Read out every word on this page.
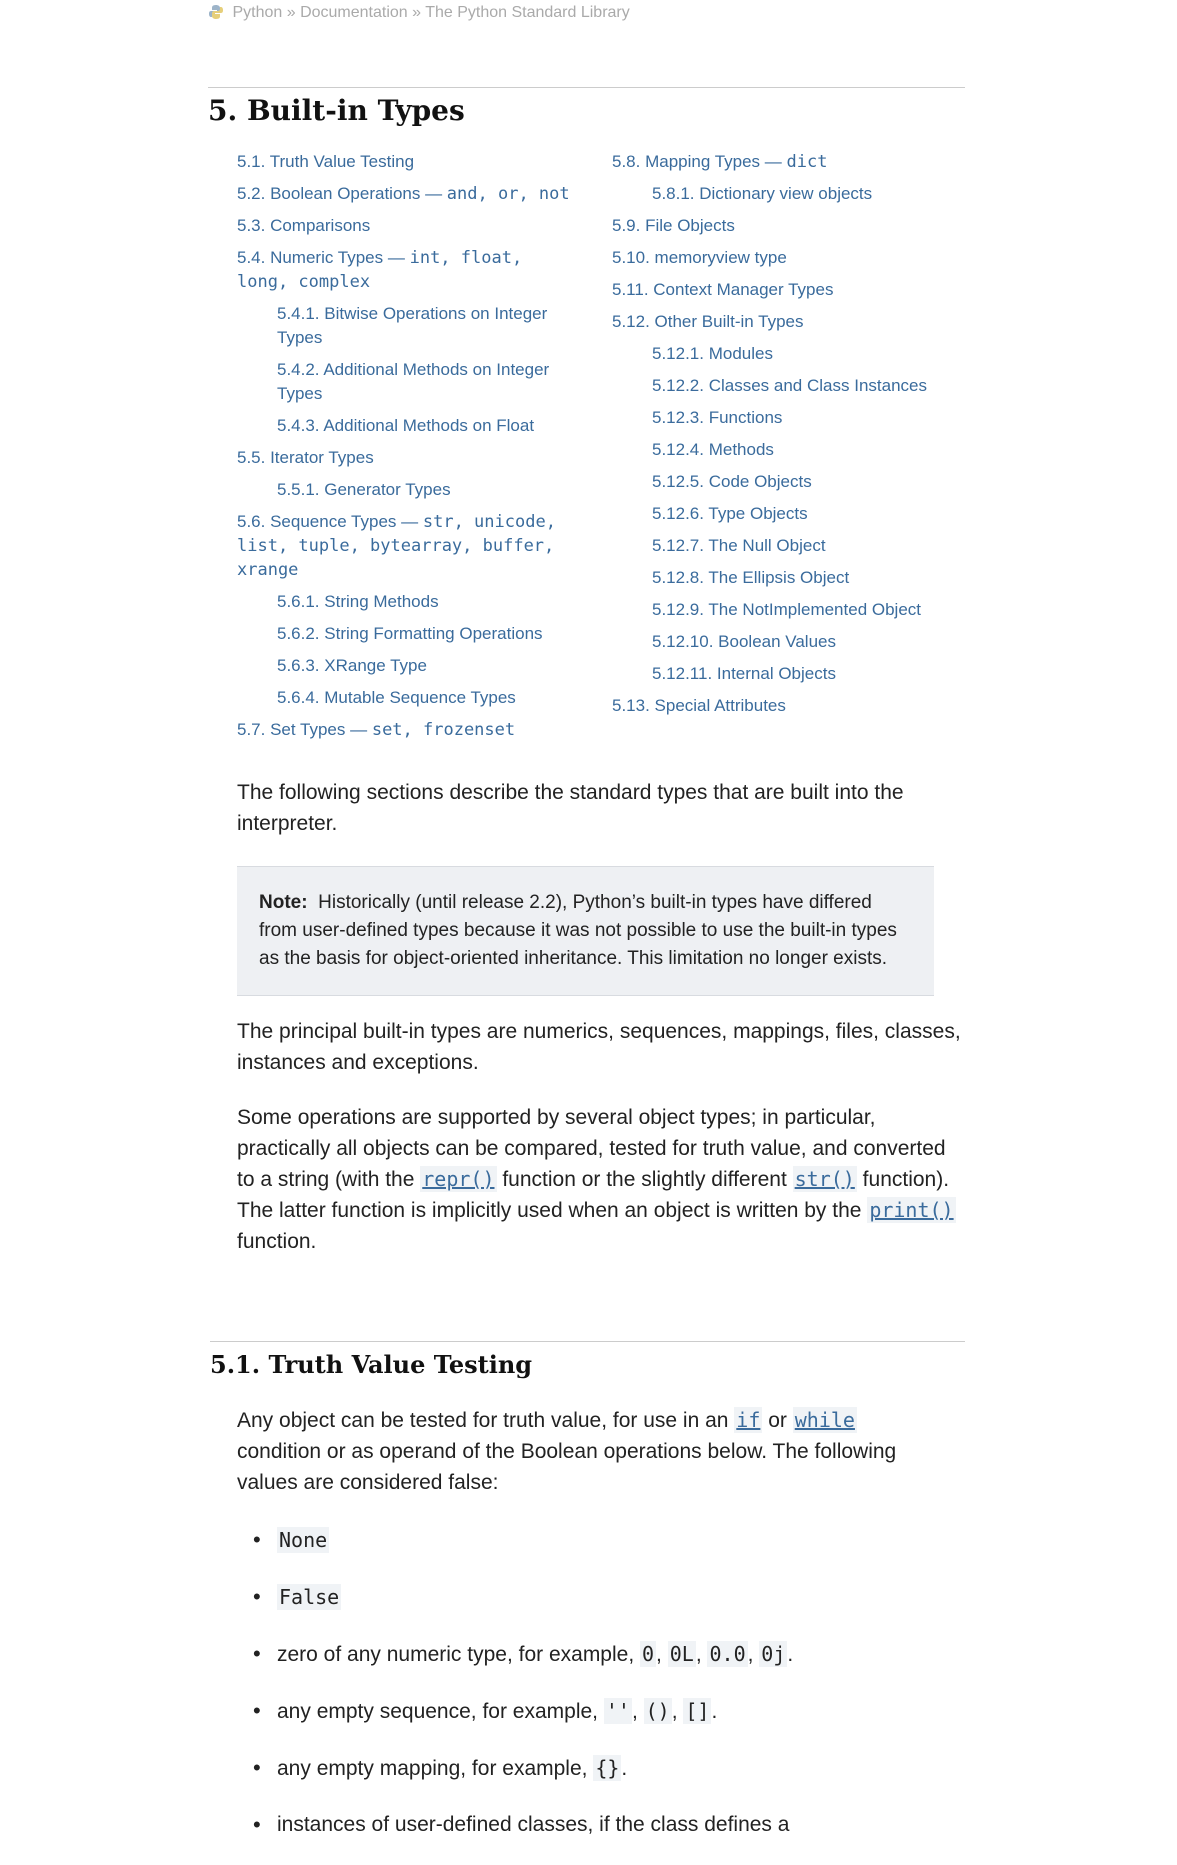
Python » Documentation » The Python Standard Library
5. Built-in Types
5.1. Truth Value Testing
5.2. Boolean Operations — and, or, not
5.3. Comparisons
5.4. Numeric Types — int, float, long, complex
5.4.1. Bitwise Operations on Integer Types
5.4.2. Additional Methods on Integer Types
5.4.3. Additional Methods on Float
5.5. Iterator Types
5.5.1. Generator Types
5.6. Sequence Types — str, unicode, list, tuple, bytearray, buffer, xrange
5.6.1. String Methods
5.6.2. String Formatting Operations
5.6.3. XRange Type
5.6.4. Mutable Sequence Types
5.7. Set Types — set, frozenset
5.8. Mapping Types — dict
5.8.1. Dictionary view objects
5.9. File Objects
5.10. memoryview type
5.11. Context Manager Types
5.12. Other Built-in Types
5.12.1. Modules
5.12.2. Classes and Class Instances
5.12.3. Functions
5.12.4. Methods
5.12.5. Code Objects
5.12.6. Type Objects
5.12.7. The Null Object
5.12.8. The Ellipsis Object
5.12.9. The NotImplemented Object
5.12.10. Boolean Values
5.12.11. Internal Objects
5.13. Special Attributes

The following sections describe the standard types that are built into the interpreter.

Note: Historically (until release 2.2), Python’s built-in types have differed from user-defined types because it was not possible to use the built-in types as the basis for object-oriented inheritance. This limitation no longer exists.

The principal built-in types are numerics, sequences, mappings, files, classes, instances and exceptions.

Some operations are supported by several object types; in particular, practically all objects can be compared, tested for truth value, and converted to a string (with the repr() function or the slightly different str() function). The latter function is implicitly used when an object is written by the print() function.

5.1. Truth Value Testing

Any object can be tested for truth value, for use in an if or while condition or as operand of the Boolean operations below. The following values are considered false:

• None
• False
• zero of any numeric type, for example, 0, 0L, 0.0, 0j.
• any empty sequence, for example, '', (), [].
• any empty mapping, for example, {}.
• instances of user-defined classes, if the class defines a
